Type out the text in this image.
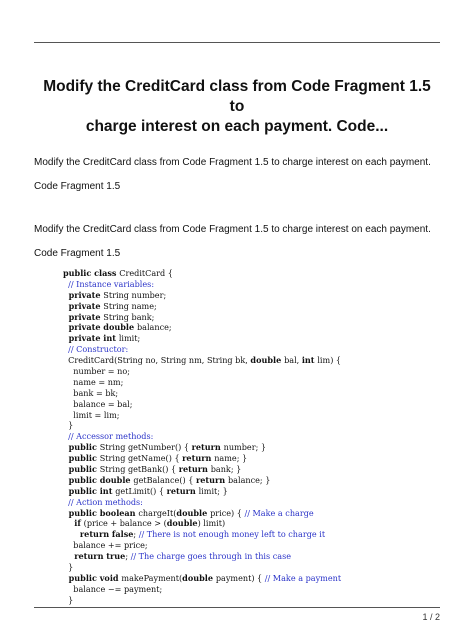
Modify the CreditCard class from Code Fragment 1.5 to
charge interest on each payment. Code...
Modify the CreditCard class from Code Fragment 1.5 to charge interest on each payment.
Code Fragment 1.5
Modify the CreditCard class from Code Fragment 1.5 to charge interest on each payment.
Code Fragment 1.5
public class CreditCard {
// Instance variables:
private String number;
private String name;
private String bank;
private double balance;
private int limit;
// Constructor:
CreditCard(String no, String nm, String bk, double bal, int lim) {
number = no;
name = nm;
bank = bk;
balance = bal;
limit = lim;
}
// Accessor methods:
public String getNumber() { return number; }
public String getName() { return name; }
public String getBank() { return bank; }
public double getBalance() { return balance; }
public int getLimit() { return limit; }
// Action methods:
public boolean chargeIt(double price) { // Make a charge
if (price + balance > (double) limit)
return false; // There is not enough money left to charge it
balance += price;
return true; // The charge goes through in this case
}
public void makePayment(double payment) { // Make a payment
balance −= payment;
}
1 / 2
